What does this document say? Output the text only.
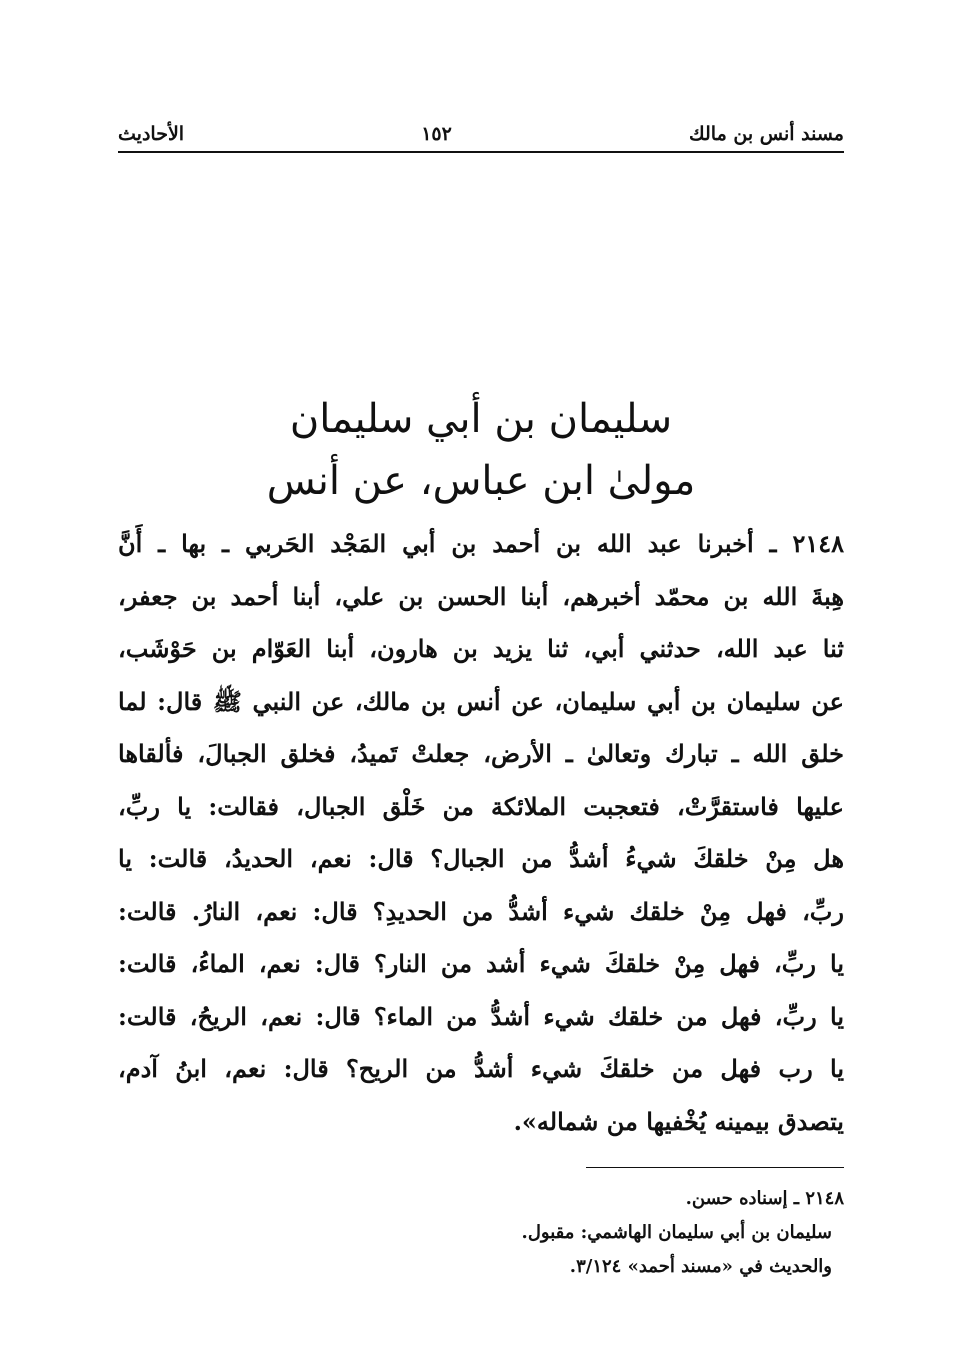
مسند أنس بن مالك
١٥٢
الأحاديث
سليمان بن أبي سليمان
مولىٰ ابن عباس، عن أنس
٢١٤٨ ـ أخبرنا عبد الله بن أحمد بن أبي المَجْد الحَربي ـ بها ـ أَنَّ
هِبةَ الله بن محمّد أخبرهم، أبنا الحسن بن علي، أبنا أحمد بن جعفر،
ثنا عبد الله، حدثني أبي، ثنا يزيد بن هارون، أبنا العَوّام بن حَوْشَب،
عن سليمان بن أبي سليمان، عن أنس بن مالك، عن النبي ﷺ قال: لما
خلق الله ـ تبارك وتعالىٰ ـ الأرض، جعلتْ تَميدُ، فخلق الجبالَ، فألقاها
عليها فاستقرَّتْ، فتعجبت الملائكة من خَلْق الجبال، فقالت: يا ربِّ،
هل مِنْ خلقكَ شيءُ أشدُّ من الجبال؟ قال: نعم، الحديدُ، قالت: يا
ربِّ، فهل مِنْ خلقك شيء أشدُّ من الحديدِ؟ قال: نعم، النارُ. قالت:
يا ربِّ، فهل مِنْ خلقكَ شيء أشد من النار؟ قال: نعم، الماءُ، قالت:
يا ربِّ، فهل من خلقك شيء أشدُّ من الماء؟ قال: نعم، الريحُ، قالت:
يا رب فهل من خلقكَ شيء أشدُّ من الريح؟ قال: نعم، ابنُ آدم،
يتصدق بيمينه يُخْفيها من شماله».
٢١٤٨ ـ إسناده حسن.
سليمان بن أبي سليمان الهاشمي: مقبول.
والحديث في «مسند أحمد» ٣/١٢٤.
